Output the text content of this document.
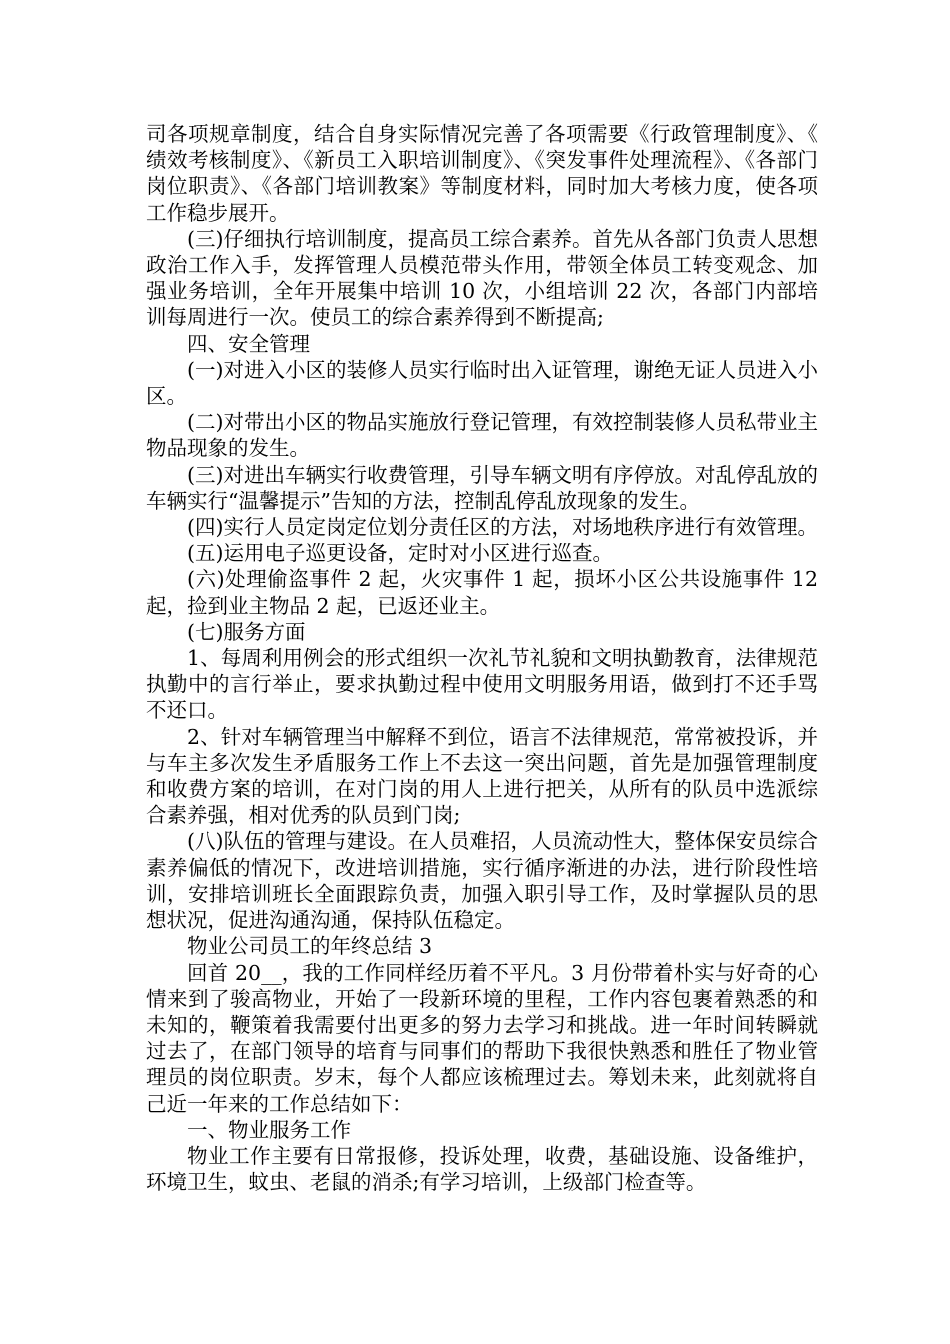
司各项规章制度，结合自身实际情况完善了各项需要《行政管理制度》、《绩效考核制度》、《新员工入职培训制度》、《突发事件处理流程》、《各部门岗位职责》、《各部门培训教案》等制度材料，同时加大考核力度，使各项工作稳步展开。

(三)仔细执行培训制度，提高员工综合素养。首先从各部门负责人思想政治工作入手，发挥管理人员模范带头作用，带领全体员工转变观念、加强业务培训，全年开展集中培训 10 次，小组培训 22 次，各部门内部培训每周进行一次。使员工的综合素养得到不断提高;

四、安全管理

(一)对进入小区的装修人员实行临时出入证管理，谢绝无证人员进入小区。

(二)对带出小区的物品实施放行登记管理，有效控制装修人员私带业主物品现象的发生。

(三)对进出车辆实行收费管理，引导车辆文明有序停放。对乱停乱放的车辆实行“温馨提示”告知的方法，控制乱停乱放现象的发生。

(四)实行人员定岗定位划分责任区的方法，对场地秩序进行有效管理。

(五)运用电子巡更设备，定时对小区进行巡查。

(六)处理偷盗事件 2 起，火灾事件 1 起，损坏小区公共设施事件 12 起，捡到业主物品 2 起，已返还业主。

(七)服务方面

1、每周利用例会的形式组织一次礼节礼貌和文明执勤教育，法律规范执勤中的言行举止，要求执勤过程中使用文明服务用语，做到打不还手骂不还口。

2、针对车辆管理当中解释不到位，语言不法律规范，常常被投诉，并与车主多次发生矛盾服务工作上不去这一突出问题，首先是加强管理制度和收费方案的培训，在对门岗的用人上进行把关，从所有的队员中选派综合素养强，相对优秀的队员到门岗;

(八)队伍的管理与建设。在人员难招，人员流动性大，整体保安员综合素养偏低的情况下，改进培训措施，实行循序渐进的办法，进行阶段性培训，安排培训班长全面跟踪负责，加强入职引导工作，及时掌握队员的思想状况，促进沟通沟通，保持队伍稳定。

物业公司员工的年终总结 3

回首 20__，我的工作同样经历着不平凡。3 月份带着朴实与好奇的心情来到了骏高物业，开始了一段新环境的里程，工作内容包裹着熟悉的和未知的，鞭策着我需要付出更多的努力去学习和挑战。进一年时间转瞬就过去了，在部门领导的培育与同事们的帮助下我很快熟悉和胜任了物业管理员的岗位职责。岁末，每个人都应该梳理过去。筹划未来，此刻就将自己近一年来的工作总结如下：

一、物业服务工作

物业工作主要有日常报修，投诉处理，收费，基础设施、设备维护，环境卫生，蚊虫、老鼠的消杀;有学习培训，上级部门检查等。
